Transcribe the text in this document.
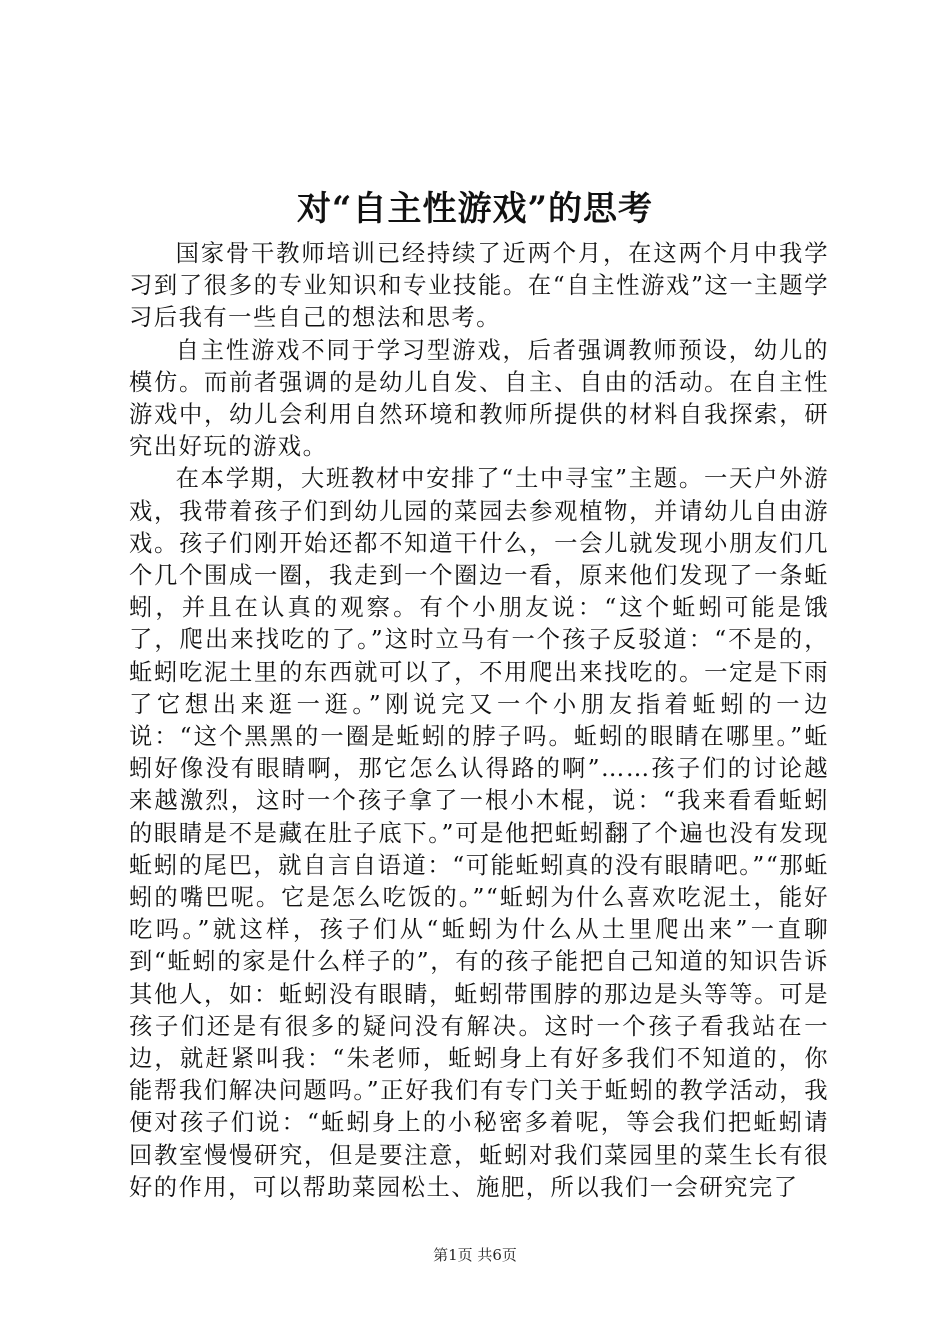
对“自主性游戏”的思考

国家骨干教师培训已经持续了近两个月，在这两个月中我学习到了很多的专业知识和专业技能。在“自主性游戏”这一主题学习后我有一些自己的想法和思考。

自主性游戏不同于学习型游戏，后者强调教师预设，幼儿的模仿。而前者强调的是幼儿自发、自主、自由的活动。在自主性游戏中，幼儿会利用自然环境和教师所提供的材料自我探索，研究出好玩的游戏。

在本学期，大班教材中安排了“土中寻宝”主题。一天户外游戏，我带着孩子们到幼儿园的菜园去参观植物，并请幼儿自由游戏。孩子们刚开始还都不知道干什么，一会儿就发现小朋友们几个几个围成一圈，我走到一个圈边一看，原来他们发现了一条蚯蚓，并且在认真的观察。有个小朋友说：“这个蚯蚓可能是饿了，爬出来找吃的了。”这时立马有一个孩子反驳道：“不是的，蚯蚓吃泥土里的东西就可以了，不用爬出来找吃的。一定是下雨了它想出来逛一逛。”刚说完又一个小朋友指着蚯蚓的一边说：“这个黑黑的一圈是蚯蚓的脖子吗。蚯蚓的眼睛在哪里。”蚯蚓好像没有眼睛啊，那它怎么认得路的啊”……孩子们的讨论越来越激烈，这时一个孩子拿了一根小木棍，说：“我来看看蚯蚓的眼睛是不是藏在肚子底下。”可是他把蚯蚓翻了个遍也没有发现蚯蚓的尾巴，就自言自语道：“可能蚯蚓真的没有眼睛吧。”“那蚯蚓的嘴巴呢。它是怎么吃饭的。”“蚯蚓为什么喜欢吃泥土，能好吃吗。”就这样，孩子们从“蚯蚓为什么从土里爬出来”一直聊到“蚯蚓的家是什么样子的”，有的孩子能把自己知道的知识告诉其他人，如：蚯蚓没有眼睛，蚯蚓带围脖的那边是头等等。可是孩子们还是有很多的疑问没有解决。这时一个孩子看我站在一边，就赶紧叫我：“朱老师，蚯蚓身上有好多我们不知道的，你能帮我们解决问题吗。”正好我们有专门关于蚯蚓的教学活动，我便对孩子们说：“蚯蚓身上的小秘密多着呢，等会我们把蚯蚓请回教室慢慢研究，但是要注意，蚯蚓对我们菜园里的菜生长有很好的作用，可以帮助菜园松土、施肥，所以我们一会研究完了

第1页 共6页
